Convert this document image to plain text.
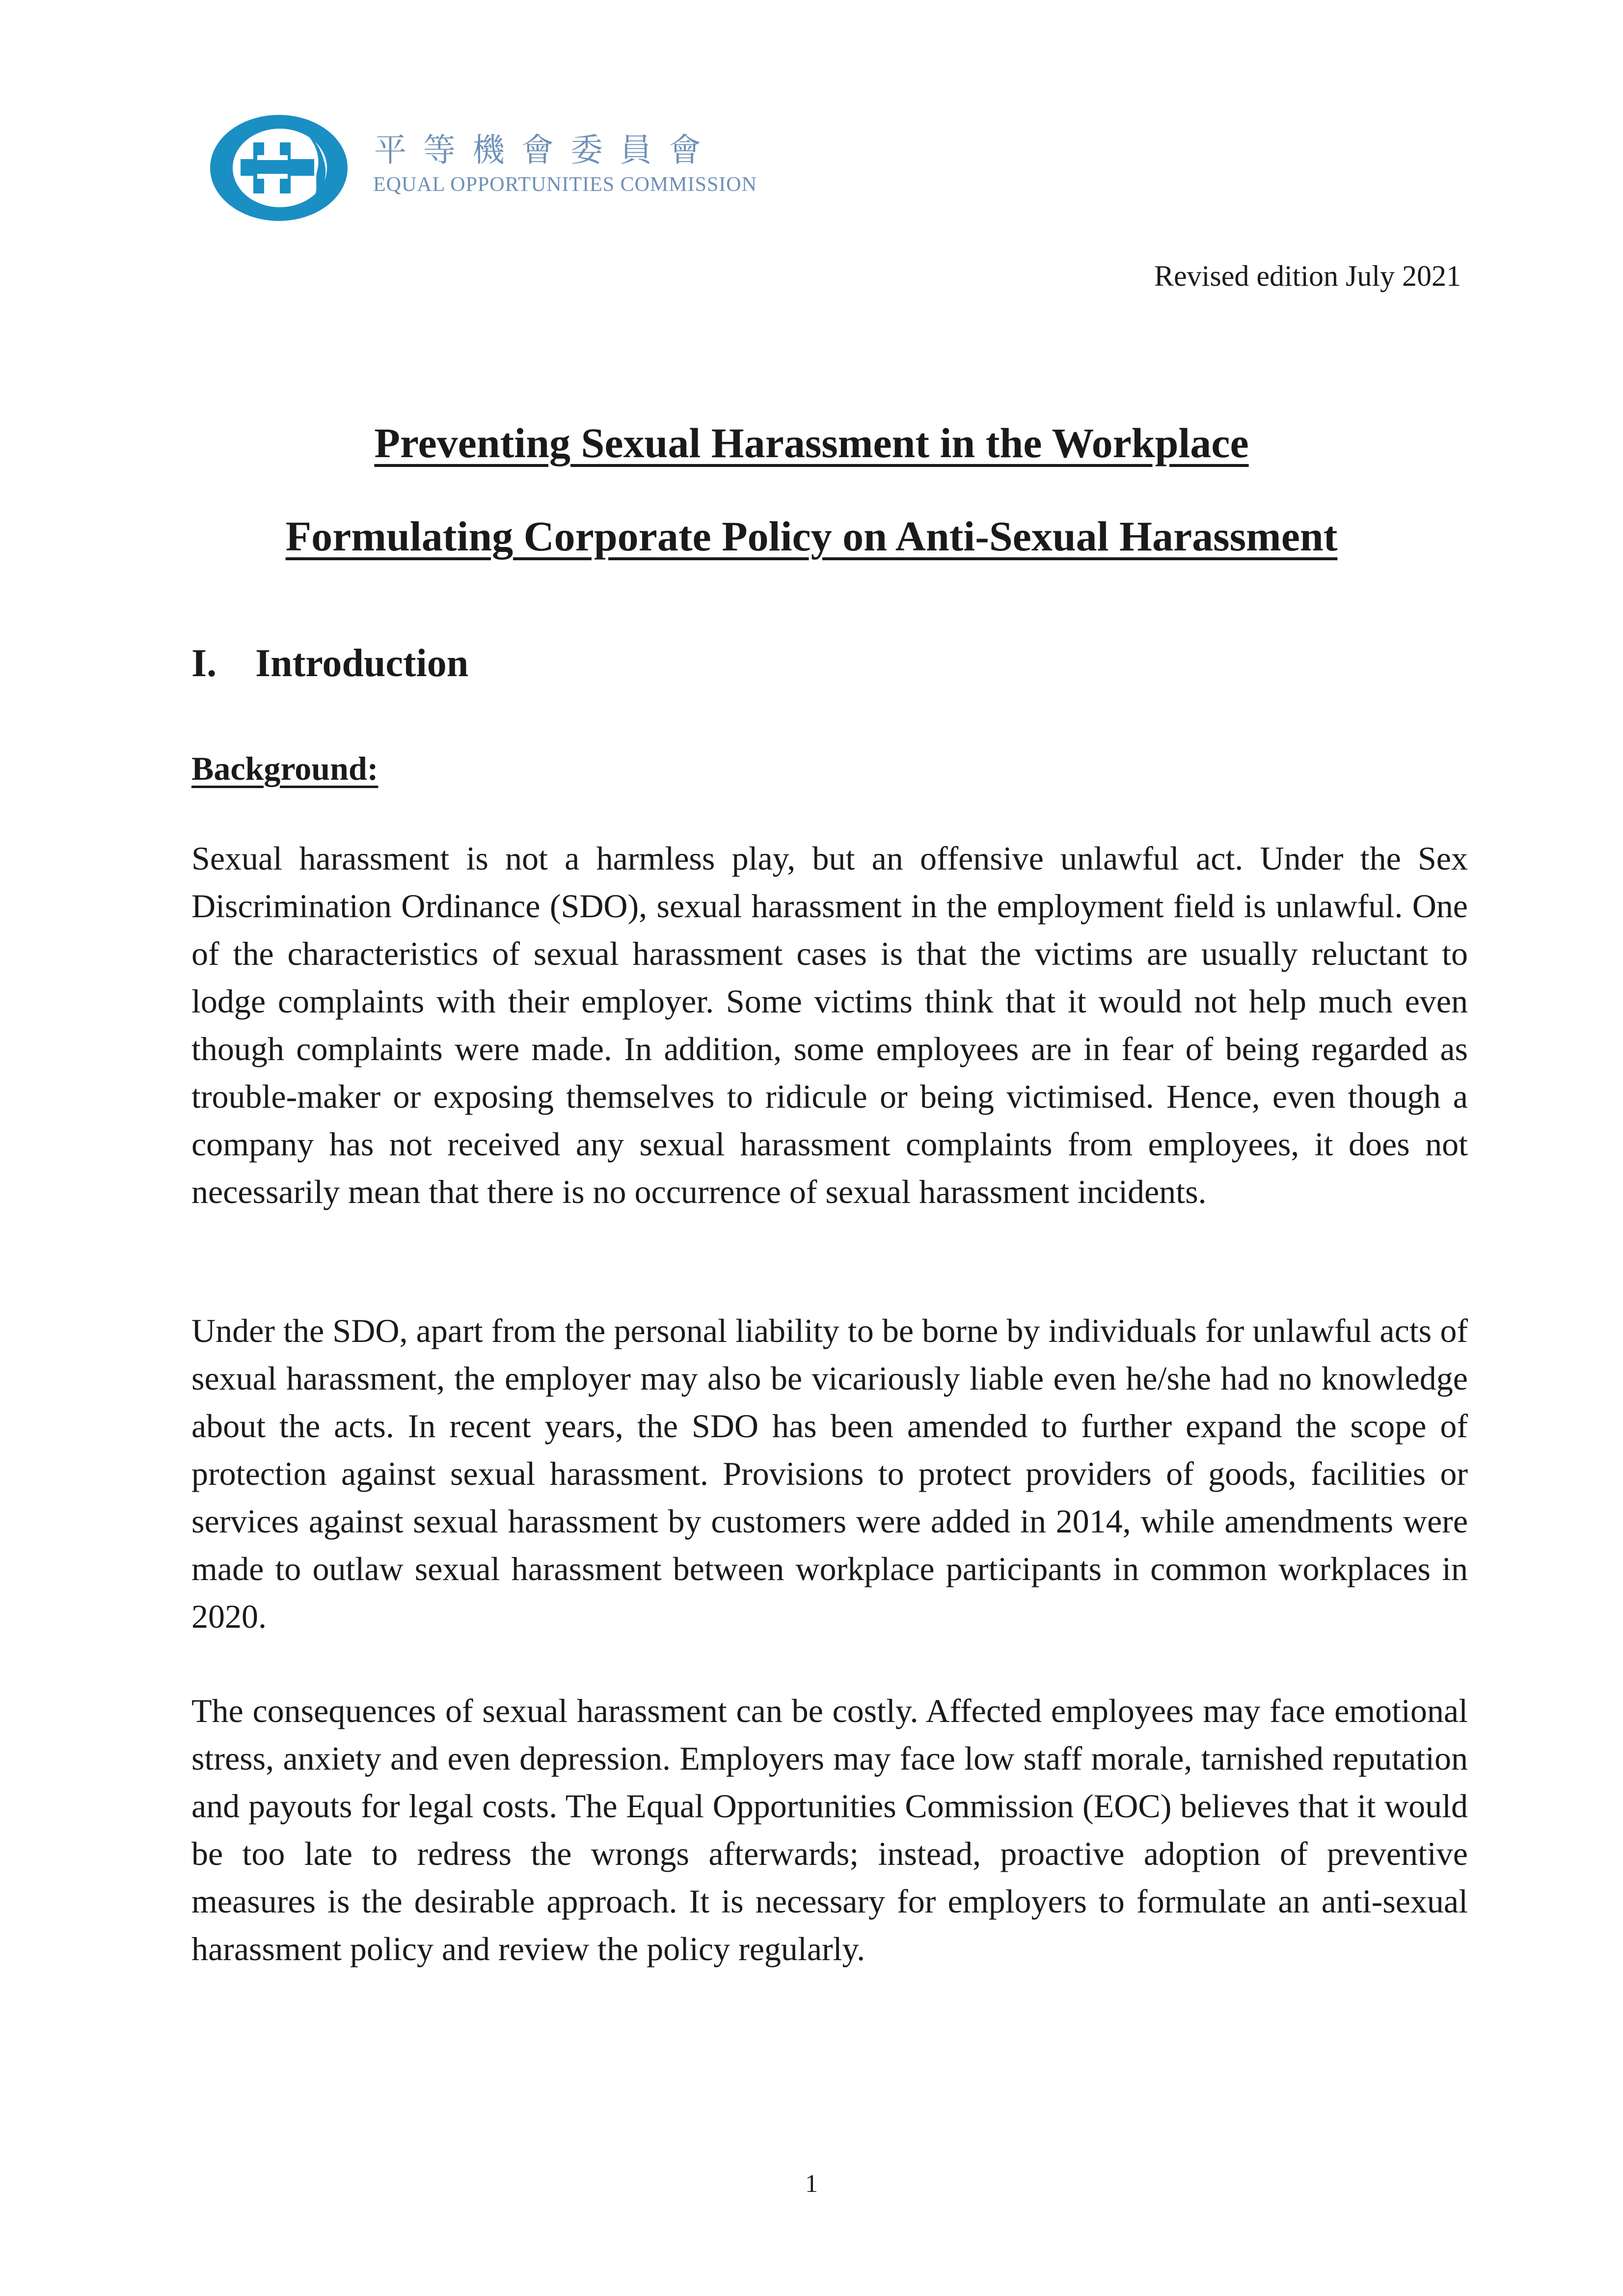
平等機會委員會
EQUAL OPPORTUNITIES COMMISSION
Revised edition July 2021
Preventing Sexual Harassment in the Workplace
Formulating Corporate Policy on Anti-Sexual Harassment
I. Introduction
Background:

Sexual harassment is not a harmless play, but an offensive unlawful act. Under the Sex Discrimination Ordinance (SDO), sexual harassment in the employment field is unlawful. One of the characteristics of sexual harassment cases is that the victims are usually reluctant to lodge complaints with their employer. Some victims think that it would not help much even though complaints were made. In addition, some employees are in fear of being regarded as trouble-maker or exposing themselves to ridicule or being victimised. Hence, even though a company has not received any sexual harassment complaints from employees, it does not necessarily mean that there is no occurrence of sexual harassment incidents.

Under the SDO, apart from the personal liability to be borne by individuals for unlawful acts of sexual harassment, the employer may also be vicariously liable even he/she had no knowledge about the acts. In recent years, the SDO has been amended to further expand the scope of protection against sexual harassment. Provisions to protect providers of goods, facilities or services against sexual harassment by customers were added in 2014, while amendments were made to outlaw sexual harassment between workplace participants in common workplaces in 2020.

The consequences of sexual harassment can be costly. Affected employees may face emotional stress, anxiety and even depression. Employers may face low staff morale, tarnished reputation and payouts for legal costs. The Equal Opportunities Commission (EOC) believes that it would be too late to redress the wrongs afterwards; instead, proactive adoption of preventive measures is the desirable approach. It is necessary for employers to formulate an anti-sexual harassment policy and review the policy regularly.

1
